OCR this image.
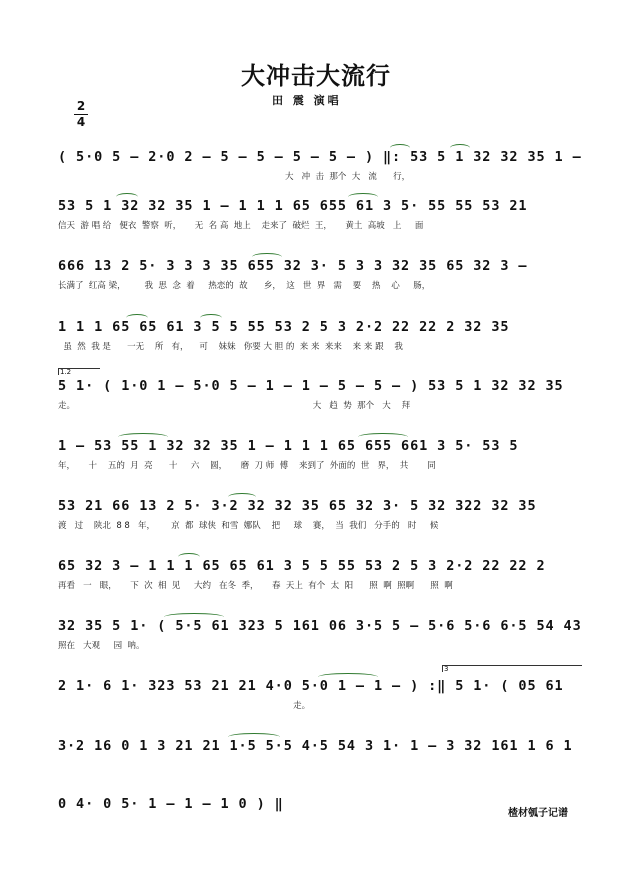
大冲击大流行
田 震 演唱
2
4
( 5·0 5 – 2·0 2 – 5 – 5 – 5 – 5 – ) ‖: 53 5 1 32 32 35 1 –
大   冲  击  那个  大   流      行，
53 5 1 32 32 35 1 – 1 1 1 65 655 61 3 5· 55 55 53 21
信天  游 唱 给   便衣  警察  听，     无  名 高  地上    走来了  破烂  王，     黄土  高坡   上     面
666 13 2 5· 3 3 3 35 655 32 3· 5 3 3 32 35 65 32 3 –
长满了  红高 梁，       我  思  念  着     热恋的  故      乡，  这   世  界   需    要    热    心     肠，
1 1 1 65 65 61 3 5 5 55 53 2 5 3 2·2 22 22 2 32 35
虽  然  我 是      一无    所   有，    可    妹妹   你要 大 胆 的  来 来  来来    来 来 跟    我
1.2
5 1· ( 1·0 1 – 5·0 5 – 1 – 1 – 5 – 5 – ) 53 5 1 32 32 35
走。                                                                                        大   趋  势  那个   大    拜
1 – 53 55 1 32 32 35 1 – 1 1 1 65 655 661 3 5· 53 5
年，     十    五的  月  亮      十     六    圆，     磨  刀 师  傅    来到了  外面的  世   界，  共       同
53 21 66 13 2 5· 3·2 32 32 35 65 32 3· 5 32 322 32 35
渡   过    陕北  8 8   年，      京  都  球侠  和雪  娜队    把     球    赛，  当  我们   分手的   时     候
65 32 3 – 1 1 1 65 65 61 3 5 5 55 53 2 5 3 2·2 22 22 2
再看   一   眼，     下  次  相  见     大约   在冬  季，     春  天上  有个  太  阳      照  啊  照啊      照  啊
32 35 5 1· ( 5·5 61 323 5 161 06 3·5 5 – 5·6 5·6 6·5 54 43
照在   大观     园  呐。
3
2 1· 6 1· 323 53 21 21 4·0 5·0 1 – 1 – ) :‖ 5 1· ( 05 61
走。
3·2 16 0 1 3 21 21 1·5 5·5 4·5 54 3 1· 1 – 3 32 161 1 6 1
0 4· 0 5· 1 – 1 – 1 0 ) ‖
楂材瓠子记谱
